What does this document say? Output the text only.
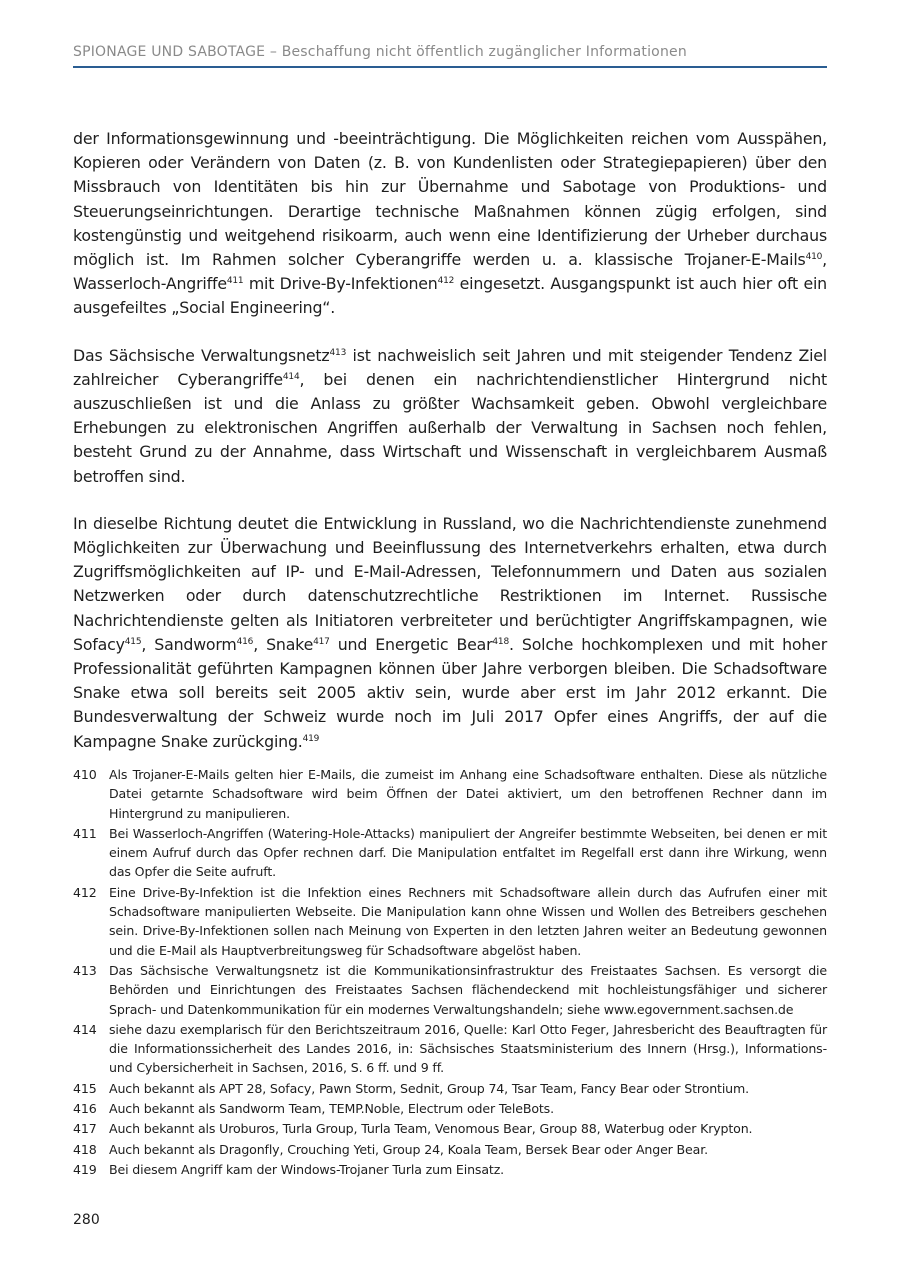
SPIONAGE UND SABOTAGE – Beschaffung nicht öffentlich zugänglicher Informationen

der Informationsgewinnung und -beeinträchtigung. Die Möglichkeiten reichen vom Ausspähen, Kopieren oder Verändern von Daten (z. B. von Kundenlisten oder Strategiepapieren) über den Missbrauch von Identitäten bis hin zur Übernahme und Sabotage von Produktions- und Steuerungseinrichtungen. Derartige technische Maßnahmen können zügig erfolgen, sind kostengünstig und weitgehend risikoarm, auch wenn eine Identifizierung der Urheber durchaus möglich ist. Im Rahmen solcher Cyberangriffe werden u. a. klassische Trojaner-E-Mails$^{410}$, Wasserloch-Angriffe$^{411}$ mit Drive-By-Infektionen$^{412}$ eingesetzt. Ausgangspunkt ist auch hier oft ein ausgefeiltes „Social Engineering“.

Das Sächsische Verwaltungsnetz$^{413}$ ist nachweislich seit Jahren und mit steigender Tendenz Ziel zahlreicher Cyberangriffe$^{414}$, bei denen ein nachrichtendienstlicher Hintergrund nicht auszuschließen ist und die Anlass zu größter Wachsamkeit geben. Obwohl vergleichbare Erhebungen zu elektronischen Angriffen außerhalb der Verwaltung in Sachsen noch fehlen, besteht Grund zu der Annahme, dass Wirtschaft und Wissenschaft in vergleichbarem Ausmaß betroffen sind.

In dieselbe Richtung deutet die Entwicklung in Russland, wo die Nachrichtendienste zunehmend Möglichkeiten zur Überwachung und Beeinflussung des Internetverkehrs erhalten, etwa durch Zugriffsmöglichkeiten auf IP- und E-Mail-Adressen, Telefonnummern und Daten aus sozialen Netzwerken oder durch datenschutzrechtliche Restriktionen im Internet. Russische Nachrichtendienste gelten als Initiatoren verbreiteter und berüchtigter Angriffskampagnen, wie Sofacy$^{415}$, Sandworm$^{416}$, Snake$^{417}$ und Energetic Bear$^{418}$. Solche hochkomplexen und mit hoher Professionalität geführten Kampagnen können über Jahre verborgen bleiben. Die Schadsoftware Snake etwa soll bereits seit 2005 aktiv sein, wurde aber erst im Jahr 2012 erkannt. Die Bundesverwaltung der Schweiz wurde noch im Juli 2017 Opfer eines Angriffs, der auf die Kampagne Snake zurückging.$^{419}$

410 Als Trojaner-E-Mails gelten hier E-Mails, die zumeist im Anhang eine Schadsoftware enthalten. Diese als nützliche Datei getarnte Schadsoftware wird beim Öffnen der Datei aktiviert, um den betroffenen Rechner dann im Hintergrund zu manipulieren.
411 Bei Wasserloch-Angriffen (Watering-Hole-Attacks) manipuliert der Angreifer bestimmte Webseiten, bei denen er mit einem Aufruf durch das Opfer rechnen darf. Die Manipulation entfaltet im Regelfall erst dann ihre Wirkung, wenn das Opfer die Seite aufruft.
412 Eine Drive-By-Infektion ist die Infektion eines Rechners mit Schadsoftware allein durch das Aufrufen einer mit Schadsoftware manipulierten Webseite. Die Manipulation kann ohne Wissen und Wollen des Betreibers geschehen sein. Drive-By-Infektionen sollen nach Meinung von Experten in den letzten Jahren weiter an Bedeutung gewonnen und die E-Mail als Hauptverbreitungsweg für Schadsoftware abgelöst haben.
413 Das Sächsische Verwaltungsnetz ist die Kommunikationsinfrastruktur des Freistaates Sachsen. Es versorgt die Behörden und Einrichtungen des Freistaates Sachsen flächendeckend mit hochleistungsfähiger und sicherer Sprach- und Datenkommunikation für ein modernes Verwaltungshandeln; siehe www.egovernment.sachsen.de
414 siehe dazu exemplarisch für den Berichtszeitraum 2016, Quelle: Karl Otto Feger, Jahresbericht des Beauftragten für die Informationssicherheit des Landes 2016, in: Sächsisches Staatsministerium des Innern (Hrsg.), Informations- und Cybersicherheit in Sachsen, 2016, S. 6 ff. und 9 ff.
415 Auch bekannt als APT 28, Sofacy, Pawn Storm, Sednit, Group 74, Tsar Team, Fancy Bear oder Strontium.
416 Auch bekannt als Sandworm Team, TEMP.Noble, Electrum oder TeleBots.
417 Auch bekannt als Uroburos, Turla Group, Turla Team, Venomous Bear, Group 88, Waterbug oder Krypton.
418 Auch bekannt als Dragonfly, Crouching Yeti, Group 24, Koala Team, Bersek Bear oder Anger Bear.
419 Bei diesem Angriff kam der Windows-Trojaner Turla zum Einsatz.
280
